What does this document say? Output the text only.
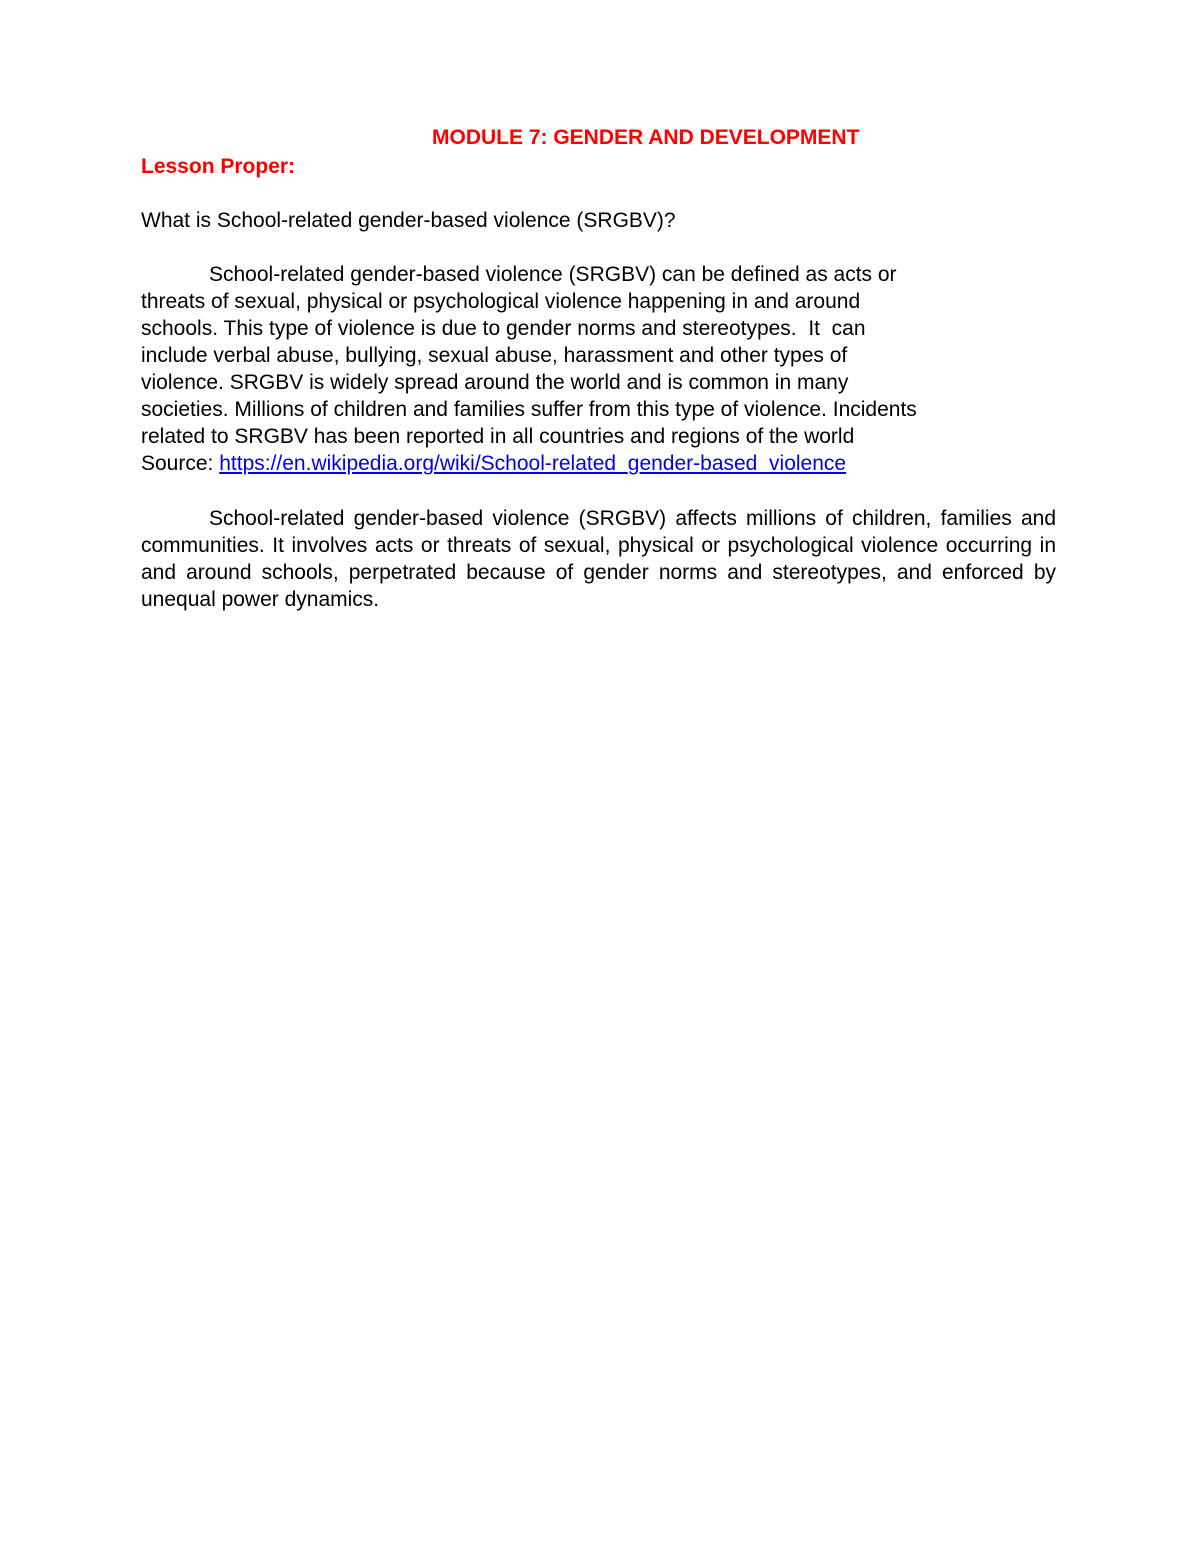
MODULE 7: GENDER AND DEVELOPMENT
Lesson Proper:
What is School-related gender-based violence (SRGBV)?
School-related gender-based violence (SRGBV) can be defined as acts or
threats of sexual, physical or psychological violence happening in and around
schools. This type of violence is due to gender norms and stereotypes.  It  can
include verbal abuse, bullying, sexual abuse, harassment and other types of
violence. SRGBV is widely spread around the world and is common in many
societies. Millions of children and families suffer from this type of violence. Incidents
related to SRGBV has been reported in all countries and regions of the world
Source: https://en.wikipedia.org/wiki/School-related_gender-based_violence
School-related gender-based violence (SRGBV) affects millions of children, families and communities. It involves acts or threats of sexual, physical or psychological violence occurring in and around schools, perpetrated because of gender norms and stereotypes, and enforced by unequal power dynamics.
